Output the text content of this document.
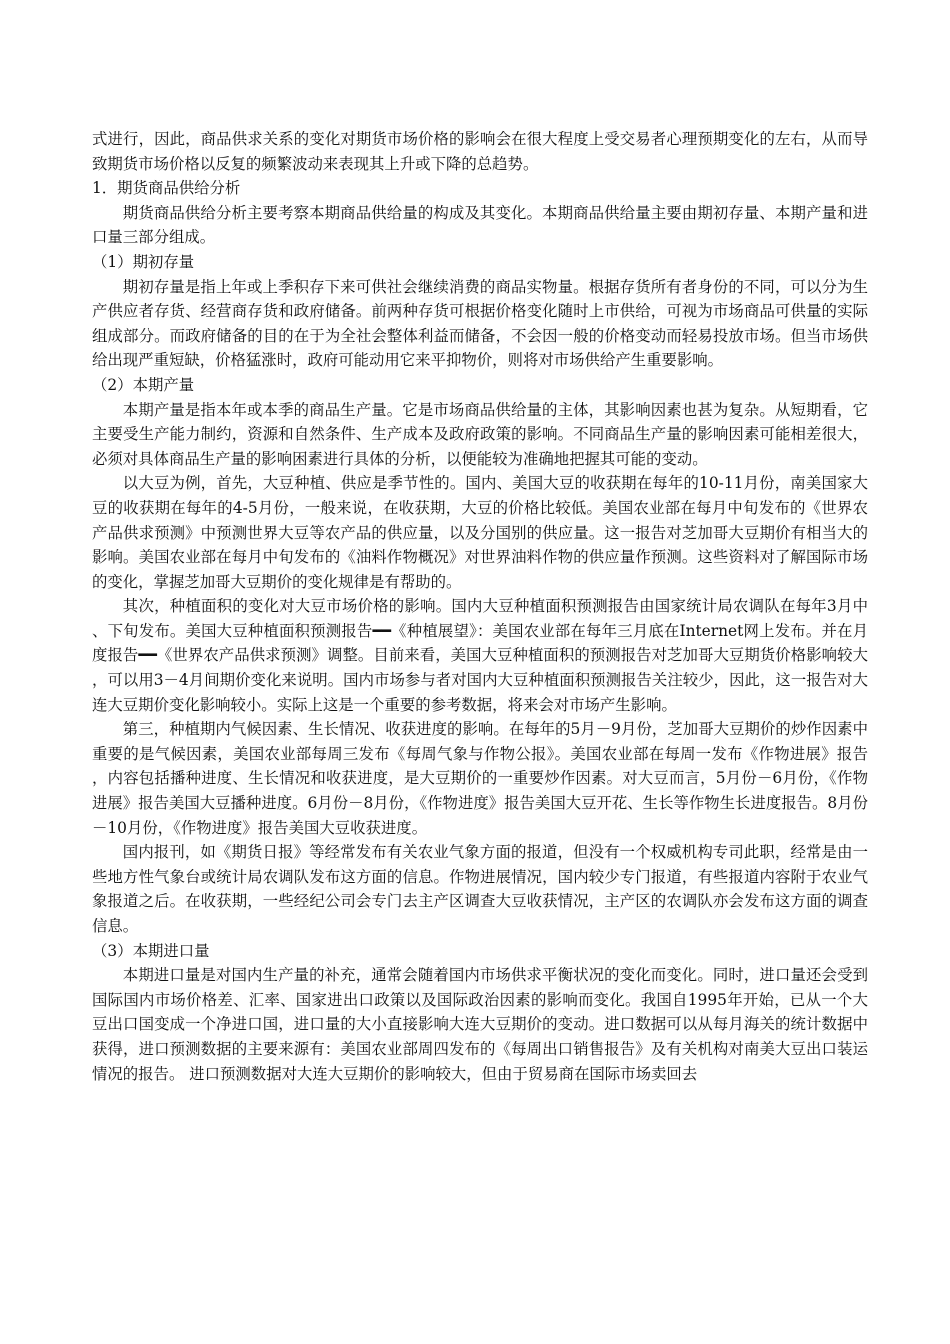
式进行，因此，商品供求关系的变化对期货市场价格的影响会在很大程度上受交易者心理预期变化的左右，从而导致期货市场价格以反复的频繁波动来表现其上升或下降的总趋势。

1．期货商品供给分析

期货商品供给分析主要考察本期商品供给量的构成及其变化。本期商品供给量主要由期初存量、本期产量和进口量三部分组成。

（1）期初存量

期初存量是指上年或上季积存下来可供社会继续消费的商品实物量。根据存货所有者身份的不同，可以分为生产供应者存货、经营商存货和政府储备。前两种存货可根据价格变化随时上市供给，可视为市场商品可供量的实际组成部分。而政府储备的目的在于为全社会整体利益而储备，不会因一般的价格变动而轻易投放市场。但当市场供给出现严重短缺，价格猛涨时，政府可能动用它来平抑物价，则将对市场供给产生重要影响。

（2）本期产量

本期产量是指本年或本季的商品生产量。它是市场商品供给量的主体，其影响因素也甚为复杂。从短期看，它主要受生产能力制约，资源和自然条件、生产成本及政府政策的影响。不同商品生产量的影响因素可能相差很大，必须对具体商品生产量的影响困素进行具体的分析，以便能较为准确地把握其可能的变动。

以大豆为例，首先，大豆种植、供应是季节性的。国内、美国大豆的收获期在每年的10-11月份，南美国家大豆的收获期在每年的4-5月份，一般来说，在收获期，大豆的价格比较低。美国农业部在每月中旬发布的《世界农产品供求预测》中预测世界大豆等农产品的供应量，以及分国别的供应量。这一报告对芝加哥大豆期价有相当大的影响。美国农业部在每月中旬发布的《油料作物概况》对世界油料作物的供应量作预测。这些资料对了解国际市场的变化，掌握芝加哥大豆期价的变化规律是有帮助的。

其次，种植面积的变化对大豆市场价格的影响。国内大豆种植面积预测报告由国家统计局农调队在每年3月中、下旬发布。美国大豆种植面积预测报告━━《种植展望》：美国农业部在每年三月底在Internet网上发布。并在月度报告━━《世界农产品供求预测》调整。目前来看，美国大豆种植面积的预测报告对芝加哥大豆期货价格影响较大，可以用3－4月间期价变化来说明。国内市场参与者对国内大豆种植面积预测报告关注较少，因此，这一报告对大连大豆期价变化影响较小。实际上这是一个重要的参考数据，将来会对市场产生影响。

第三，种植期内气候因素、生长情况、收获进度的影响。在每年的5月－9月份，芝加哥大豆期价的炒作因素中重要的是气候因素，美国农业部每周三发布《每周气象与作物公报》。美国农业部在每周一发布《作物进展》报告，内容包括播种进度、生长情况和收获进度，是大豆期价的一重要炒作因素。对大豆而言，5月份－6月份，《作物进展》报告美国大豆播种进度。6月份－8月份，《作物进度》报告美国大豆开花、生长等作物生长进度报告。8月份－10月份，《作物进度》报告美国大豆收获进度。

国内报刊，如《期货日报》等经常发布有关农业气象方面的报道，但没有一个权威机构专司此职，经常是由一些地方性气象台或统计局农调队发布这方面的信息。作物进展情况，国内较少专门报道，有些报道内容附于农业气象报道之后。在收获期，一些经纪公司会专门去主产区调查大豆收获情况，主产区的农调队亦会发布这方面的调查信息。

（3）本期进口量

本期进口量是对国内生产量的补充，通常会随着国内市场供求平衡状况的变化而变化。同时，进口量还会受到国际国内市场价格差、汇率、国家进出口政策以及国际政治因素的影响而变化。我国自1995年开始，已从一个大豆出口国变成一个净进口国，进口量的大小直接影响大连大豆期价的变动。进口数据可以从每月海关的统计数据中获得，进口预测数据的主要来源有：美国农业部周四发布的《每周出口销售报告》及有关机构对南美大豆出口装运情况的报告。 进口预测数据对大连大豆期价的影响较大，但由于贸易商在国际市场卖回去
